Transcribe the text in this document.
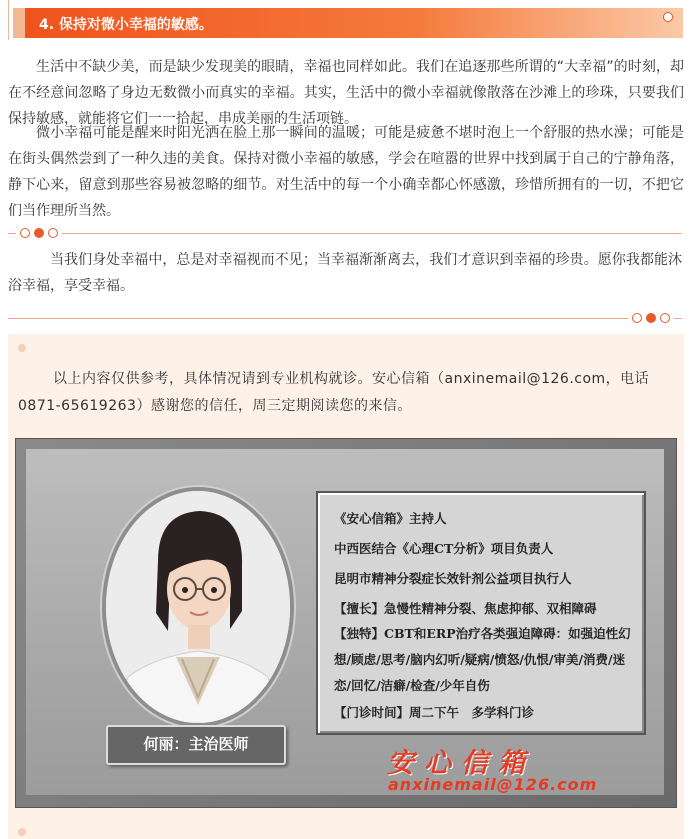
4. 保持对微小幸福的敏感。

生活中不缺少美，而是缺少发现美的眼睛，幸福也同样如此。我们在追逐那些所谓的“大幸福”的时刻，却在不经意间忽略了身边无数微小而真实的幸福。其实，生活中的微小幸福就像散落在沙滩上的珍珠，只要我们保持敏感，就能将它们一一拾起，串成美丽的生活项链。

微小幸福可能是醒来时阳光洒在脸上那一瞬间的温暖；可能是疲惫不堪时泡上一个舒服的热水澡；可能是在街头偶然尝到了一种久违的美食。保持对微小幸福的敏感，学会在喧嚣的世界中找到属于自己的宁静角落，静下心来，留意到那些容易被忽略的细节。对生活中的每一个小确幸都心怀感激，珍惜所拥有的一切，不把它们当作理所当然。

当我们身处幸福中，总是对幸福视而不见；当幸福渐渐离去，我们才意识到幸福的珍贵。愿你我都能沐浴幸福，享受幸福。

以上内容仅供参考，具体情况请到专业机构就诊。安心信箱（anxinemail@126.com，电话0871-65619263）感谢您的信任，周三定期阅读您的来信。

何丽：主治医师
《安心信箱》主持人
中西医结合《心理CT分析》项目负责人
昆明市精神分裂症长效针剂公益项目执行人
【擅长】急慢性精神分裂、焦虑抑郁、双相障碍

【独特】CBT和ERP治疗各类强迫障碍：如强迫性幻想/顾虑/思考/脑内幻听/疑病/愤怒/仇恨/审美/消费/迷恋/回忆/洁癖/检查/少年自伤

【门诊时间】周二下午　多学科门诊
安心信箱
anxinemail@126.com
